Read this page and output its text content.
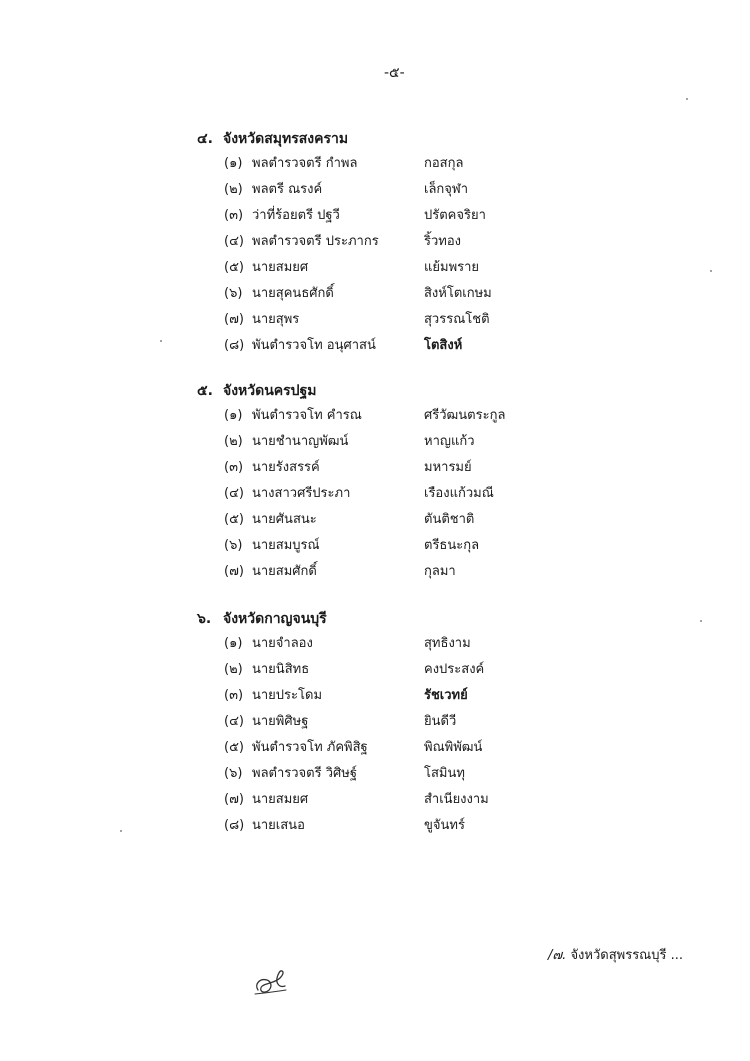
-๕-
๔. จังหวัดสมุทรสงคราม
(๑) พลตำรวจตรี กำพล	กอสกุล
(๒) พลตรี ณรงค์	เล็กจุฬา
(๓) ว่าที่ร้อยตรี ปฐวี	ปรัตคจริยา
(๔) พลตำรวจตรี ประภากร	ริ้วทอง
(๕) นายสมยศ	แย้มพราย
(๖) นายสุคนธศักดิ์	สิงห์โตเกษม
(๗) นายสุพร	สุวรรณโชติ
(๘) พันตำรวจโท อนุศาสน์	โตสิงห์
๕. จังหวัดนครปฐม
(๑) พันตำรวจโท คำรณ	ศรีวัฒนตระกูล
(๒) นายชำนาญพัฒน์	หาญแก้ว
(๓) นายรังสรรค์	มหารมย์
(๔) นางสาวศรีประภา	เรืองแก้วมณี
(๕) นายศันสนะ	ตันติชาติ
(๖) นายสมบูรณ์	ตรีธนะกุล
(๗) นายสมศักดิ์	กุลมา
๖. จังหวัดกาญจนบุรี
(๑) นายจำลอง	สุทธิงาม
(๒) นายนิสิทธ	คงประสงค์
(๓) นายประโดม	รัชเวทย์
(๔) นายพิศิษฐ	ยินดีวี
(๕) พันตำรวจโท ภัคพิสิฐ	พิณพิพัฒน์
(๖) พลตำรวจตรี วิศิษฐ์	โสมินทุ
(๗) นายสมยศ	สำเนียงงาม
(๘) นายเสนอ	ขูจันทร์
/๗. จังหวัดสุพรรณบุรี ...
